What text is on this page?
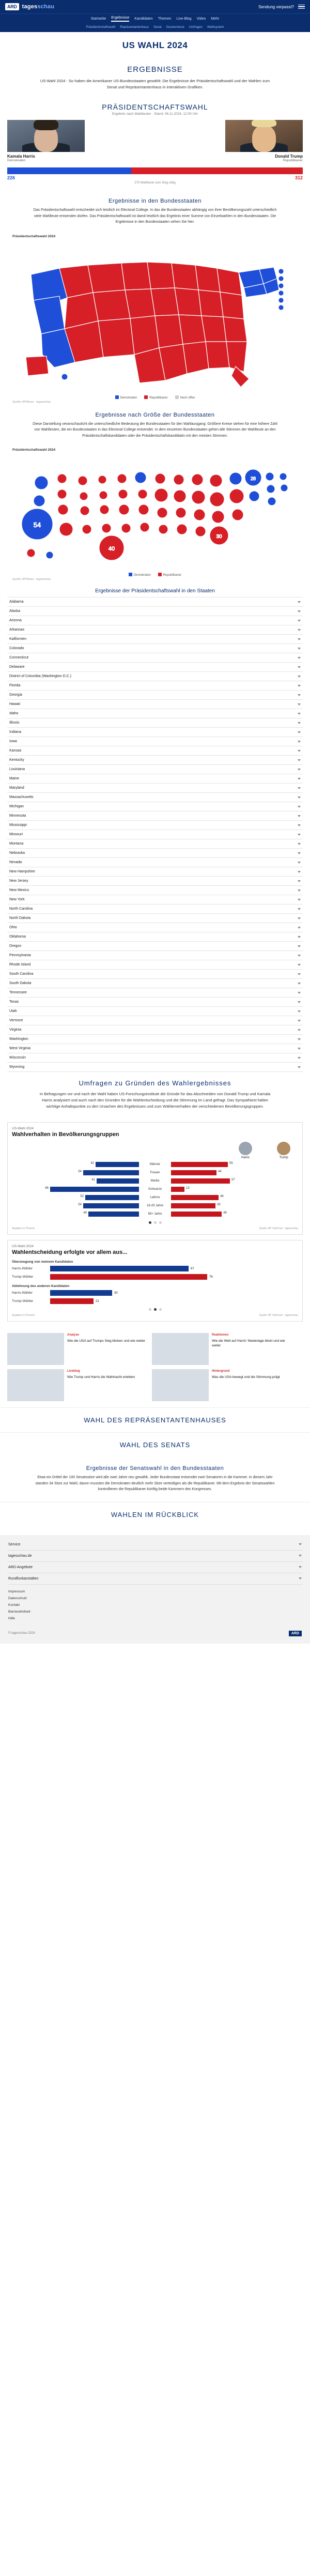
ARD tagesschau	Sendung verpasst?
Startseite Ergebnisse Kandidaten Themen Live-Blog Video Mehr
Präsidentschaftswahl Repräsentantenhaus Senat Gouverneure Umfragen Wahlsystem
US WAHL 2024
ERGEBNISSE
US-Wahl 2024 - So haben die Amerikaner US-Bundesstaaten gewählt: Die Ergebnisse der Präsidentschaftswahl und der Wahlen zum Senat und Repräsentantenhaus in interaktiven Grafiken.
PRÄSIDENTSCHAFTSWAHL
Ergebnis nach Wahlleuten · Stand: 06.11.2024, 12:00 Uhr
Kamala Harris
Demokraten
Donald Trump
Republikaner
226	312
270 Wahlleute zum Sieg nötig
Ergebnisse in den Bundesstaaten

Das Präsidentschaftswahl entscheidet sich letztlich im Electoral College. In das die Bundesstaaten abhängig von ihrer Bevölkerungszahl unterschiedlich viele Wahlleute entsenden dürfen. Das Präsidentschaftswahl ist damit letztlich das Ergebnis einer Summe von Einzelwahlen in den Bundesstaaten. Die Ergebnisse in den Bundesstaaten sehen Sie hier.

Präsidentschaftswahl 2024
Demokraten	Republikaner	Noch offen
Quelle: AP/News · tagesschau
Ergebnisse nach Größe der Bundesstaaten

Diese Darstellung veranschaulicht die unterschiedliche Bedeutung der Bundesstaaten für den Wahlausgang: Größere Kreise stehen für eine höhere Zahl von Wahlleuten, die ein Bundesstaaten in das Electoral College entsendet. In dem einzelnen Bundesstaaten gehen alle Stimmen der Wahlleute an den Präsidentschaftskandidaten oder die Präsidentschaftskandidatin mit den meisten Stimmen.

Präsidentschaftswahl 2024
54
40
30
28
Demokraten	Republikaner
Quelle: AP/News · tagesschau
Ergebnisse der Präsidentschaftswahl in den Staaten
Alabama
Alaska
Arizona
Arkansas
Kalifornien
Colorado
Connecticut
Delaware
District of Columbia (Washington D.C.)
Florida
Georgia
Hawaii
Idaho
Illinois
Indiana
Iowa
Kansas
Kentucky
Louisiana
Maine
Maryland
Massachusetts
Michigan
Minnesota
Mississippi
Missouri
Montana
Nebraska
Nevada
New Hampshire
New Jersey
New Mexico
New York
North Carolina
North Dakota
Ohio
Oklahoma
Oregon
Pennsylvania
Rhode Island
South Carolina
South Dakota
Tennessee
Texas
Utah
Vermont
Virginia
Washington
West Virginia
Wisconsin
Wyoming
Umfragen zu Gründen des Wahlergebnisses
In Befragungen vor und nach der Wahl haben US-Forschungsinstitute die Gründe für das Abschneiden von Donald Trump und Kamala Harris analysiert und auch nach den Gründen für die Wahlentscheidung und die Stimmung im Land gefragt. Das Sympathiest halten wichtige Anhaltspunkte zu den Ursachen des Ergebnisses und zum Wählerverhalten der verschiedenen Bevölkerungsgruppen.
US-Wahl 2024
Wahlverhalten in Bevölkerungsgruppen
Harris	Trump
42	Männer	55
54	Frauen	44
41	Weiße	57
86	Schwarze	13
52	Latinos	46
54	18-29 Jahre	43
49	65+ Jahre	49
Angaben in Prozent	Quelle: AP VoteCast · tagesschau
US-Wahl 2024
Wahlentscheidung erfolgte vor allem aus...
Überzeugung von meinem Kandidaten
Harris-Wähler	67
Trump-Wähler	76
Ablehnung des anderen Kandidaten
Harris-Wähler	30
Trump-Wähler	21
Angaben in Prozent	Quelle: AP VoteCast · tagesschau
Analyse
Wie die USA auf Trumps Sieg blicken und wie weiter
Reaktionen
Wie die Welt auf Harris' Niederlage blickt und wie weiter
Liveblog
Wie Trump und Harris die Wahlnacht erlebten
Hintergrund
Was die USA bewegt und die Stimmung prägt
WAHL DES REPRÄSENTANTENHAUSES
WAHL DES SENATS
Ergebnisse der Senatswahl in den Bundesstaaten

Etwa ein Drittel der 100 Senatssitze wird alle zwei Jahre neu gewählt. Jeder Bundesstaat entsendet zwei Senatoren in die Kammer. In diesem Jahr standen 34 Sitze zur Wahl, davon mussten die Demokraten deutlich mehr Sitze verteidigen als die Republikaner. Mit dem Ergebnis der Senatswahlen kontrollieren die Republikaner künftig beide Kammern des Kongresses.

WAHLEN IM RÜCKBLICK
Service
tagesschau.de
ARD-Angebote
Rundfunkanstalten
Impressum
Datenschutz
Kontakt
Barrierefreiheit
Hilfe
© tagesschau 2024	ARD
